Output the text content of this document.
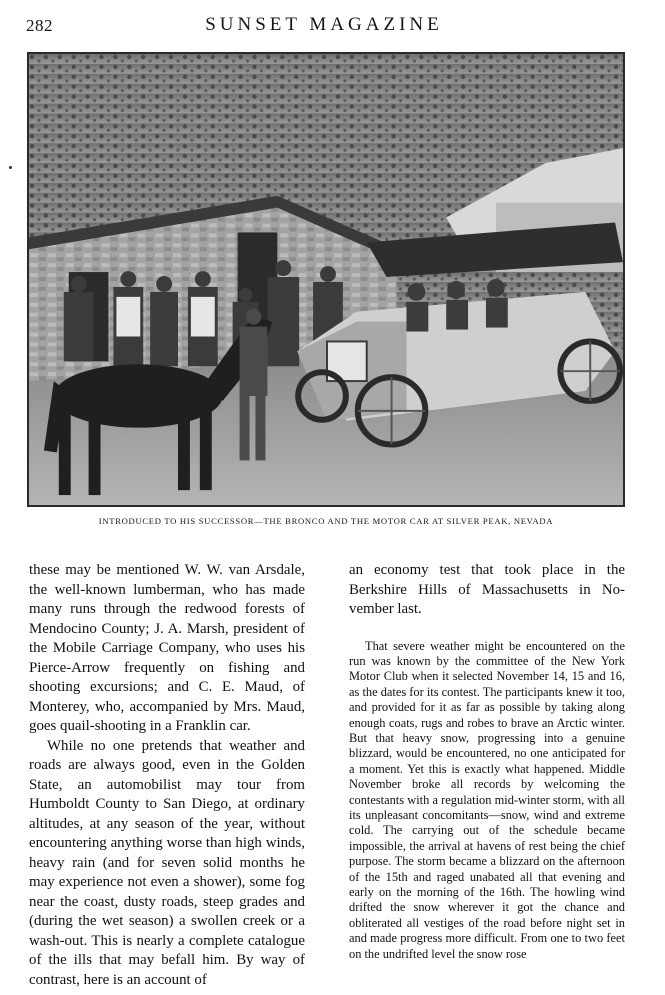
282	SUNSET MAGAZINE
INTRODUCED TO HIS SUCCESSOR—THE BRONCO AND THE MOTOR CAR AT SILVER PEAK, NEVADA

these may be mentioned W. W. van Arsdale, the well-known lumberman, who has made many runs through the redwood forests of Mendocino County; J. A. Marsh, president of the Mobile Carriage Company, who uses his Pierce-Arrow frequently on fishing and shooting excursions; and C. E. Maud, of Monterey, who, accompanied by Mrs. Maud, goes quail-shooting in a Franklin car.

While no one pretends that weather and roads are always good, even in the Golden State, an automobilist may tour from Humboldt County to San Diego, at ordinary altitudes, at any season of the year, without encountering anything worse than high winds, heavy rain (and for seven solid months he may experience not even a shower), some fog near the coast, dusty roads, steep grades and (during the wet season) a swollen creek or a wash-out. This is nearly a complete catalogue of the ills that may befall him. By way of contrast, here is an account of

an economy test that took place in the Berkshire Hills of Massachusetts in November last.

That severe weather might be encountered on the run was known by the committee of the New York Motor Club when it selected November 14, 15 and 16, as the dates for its contest. The participants knew it too, and provided for it as far as possible by taking along enough coats, rugs and robes to brave an Arctic winter. But that heavy snow, progressing into a genuine blizzard, would be encountered, no one anticipated for a moment. Yet this is exactly what happened. Middle November broke all records by welcoming the contestants with a regulation mid-winter storm, with all its unpleasant concomitants—snow, wind and extreme cold. The carrying out of the schedule became impossible, the arrival at havens of rest being the chief purpose. The storm became a blizzard on the afternoon of the 15th and raged unabated all that evening and early on the morning of the 16th. The howling wind drifted the snow wherever it got the chance and obliterated all vestiges of the road before night set in and made progress more difficult. From one to two feet on the undrifted level the snow rose
